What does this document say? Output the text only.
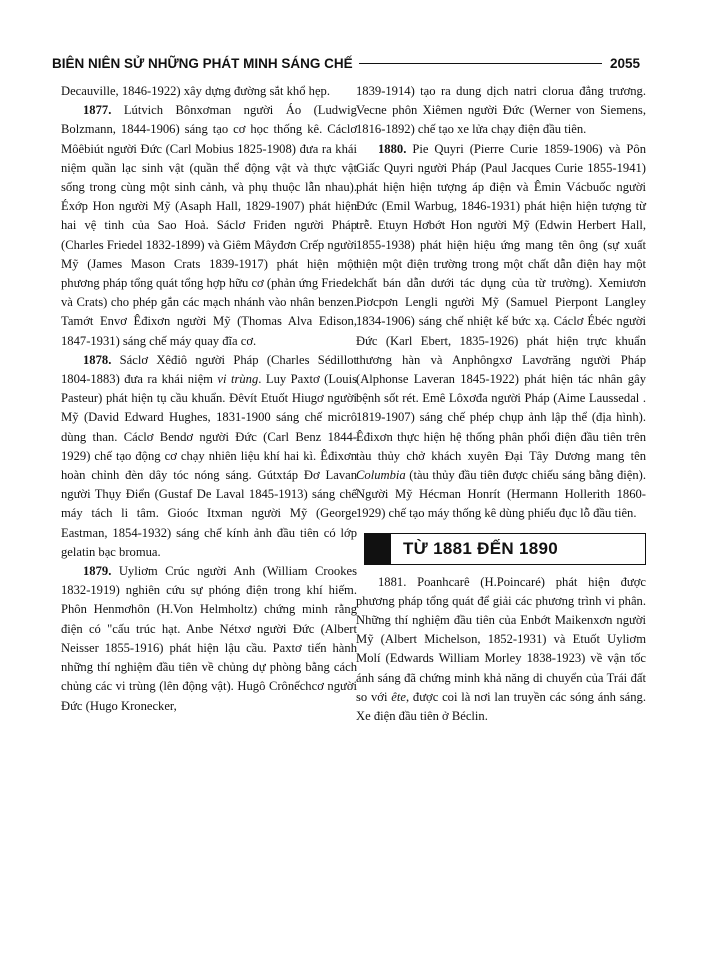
BIÊN NIÊN SỬ NHỮNG PHÁT MINH SÁNG CHẾ	2055

Decauville, 1846-1922) xây dựng đường sắt khổ hẹp.

1877. Lútvich Bônxơman người Áo (Ludwig Bolzmann, 1844-1906) sáng tạo cơ học thống kê. Cáclơ Môêbiút người Đức (Carl Mobius 1825-1908) đưa ra khái niệm quần lạc sinh vật (quần thể động vật và thực vật sống trong cùng một sinh cảnh, và phụ thuộc lẫn nhau). Éxớp Hon người Mỹ (Asaph Hall, 1829-1907) phát hiện hai vệ tinh của Sao Hoả. Sáclơ Friđen người Pháp (Charles Friedel 1832-1899) và Giêm Mâyđơn Crếp người Mỹ (James Mason Crats 1839-1917) phát hiện một phương pháp tổng quát tổng hợp hữu cơ (phản ứng Friedel và Crats) cho phép gắn các mạch nhánh vào nhân benzen. Tamớt Envơ Êđixơn người Mỹ (Thomas Alva Edison, 1847-1931) sáng chế máy quay đĩa cơ.

1878. Sáclơ Xêđiô người Pháp (Charles Sédillot 1804-1883) đưa ra khái niệm vi trùng. Luy Paxtơ (Louis Pasteur) phát hiện tụ cầu khuẩn. Đêvít Etuốt Hiugơ người Mỹ (David Edward Hughes, 1831-1900 sáng chế micrô dùng than. Cáclơ Bendơ người Đức (Carl Benz 1844-1929) chế tạo động cơ chạy nhiên liệu khí hai kì. Êđixơn hoàn chỉnh đèn dây tóc nóng sáng. Gútxtáp Đơ Lavan người Thụy Điển (Gustaf De Laval 1845-1913) sáng chế máy tách li tâm. Gioóc Itxman người Mỹ (George Eastman, 1854-1932) sáng chế kính ảnh đầu tiên có lớp gelatin bạc bromua.

1879. Uyliơm Crúc người Anh (William Crookes 1832-1919) nghiên cứu sự phóng điện trong khí hiếm. Phôn Henmơhôn (H.Von Helmholtz) chứng minh rằng điện có "cấu trúc hạt. Anbe Nétxơ người Đức (Albert Neisser 1855-1916) phát hiện lậu cầu. Paxtơ tiến hành những thí nghiệm đầu tiên về chủng dự phòng bằng cách chủng các vi trùng (lên động vật). Hugô Crônếchcơ người Đức (Hugo Kronecker,

1839-1914) tạo ra dung dịch natri clorua đẳng trương. Vecne phôn Xiêmen người Đức (Werner von Siemens, 1816-1892) chế tạo xe lửa chạy điện đầu tiên.

1880. Pie Quyri (Pierre Curie 1859-1906) và Pôn Giấc Quyri người Pháp (Paul Jacques Curie 1855-1941) phát hiện hiện tượng áp điện và Êmin Vácbuốc người Đức (Emil Warbug, 1846-1931) phát hiện hiện tượng từ trễ. Etuyn Hơbớt Hon người Mỹ (Edwin Herbert Hall, 1855-1938) phát hiện hiệu ứng mang tên ông (sự xuất hiện một điện trường trong một chất dẫn điện hay một chất bán dẫn dưới tác dụng của từ trường). Xemiươn Piơcpơn Lengli người Mỹ (Samuel Pierpont Langley 1834-1906) sáng chế nhiệt kế bức xạ. Cáclơ Ébéc người Đức (Karl Ebert, 1835-1926) phát hiện trực khuẩn thương hàn và Anphôngxơ Lavơrăng người Pháp (Alphonse Laveran 1845-1922) phát hiện tác nhân gây bệnh sốt rét. Emê Lôxơđa người Pháp (Aime Laussedal . 1819-1907) sáng chế phép chụp ảnh lập thể (địa hình). Êđixơn thực hiện hệ thống phân phối điện đầu tiên trên tàu thủy chở khách xuyên Đại Tây Dương mang tên Columbia (tàu thủy đầu tiên được chiếu sáng bằng điện). Người Mỹ Hécman Honrít (Hermann Hollerith 1860-1929) chế tạo máy thống kê dùng phiếu đục lỗ đầu tiên.

TỪ 1881 ĐẾN 1890

1881. Poanhcarê (H.Poincaré) phát hiện được phương pháp tổng quát để giải các phương trình vi phân. Những thí nghiệm đầu tiên của Enbớt Maikenxơn người Mỹ (Albert Michelson, 1852-1931) và Etuốt Uyliơm Molí (Edwards William Morley 1838-1923) về vận tốc ánh sáng đã chứng minh khả năng di chuyển của Trái đất so với ête, được coi là nơi lan truyền các sóng ánh sáng. Xe điện đầu tiên ở Béclin.
